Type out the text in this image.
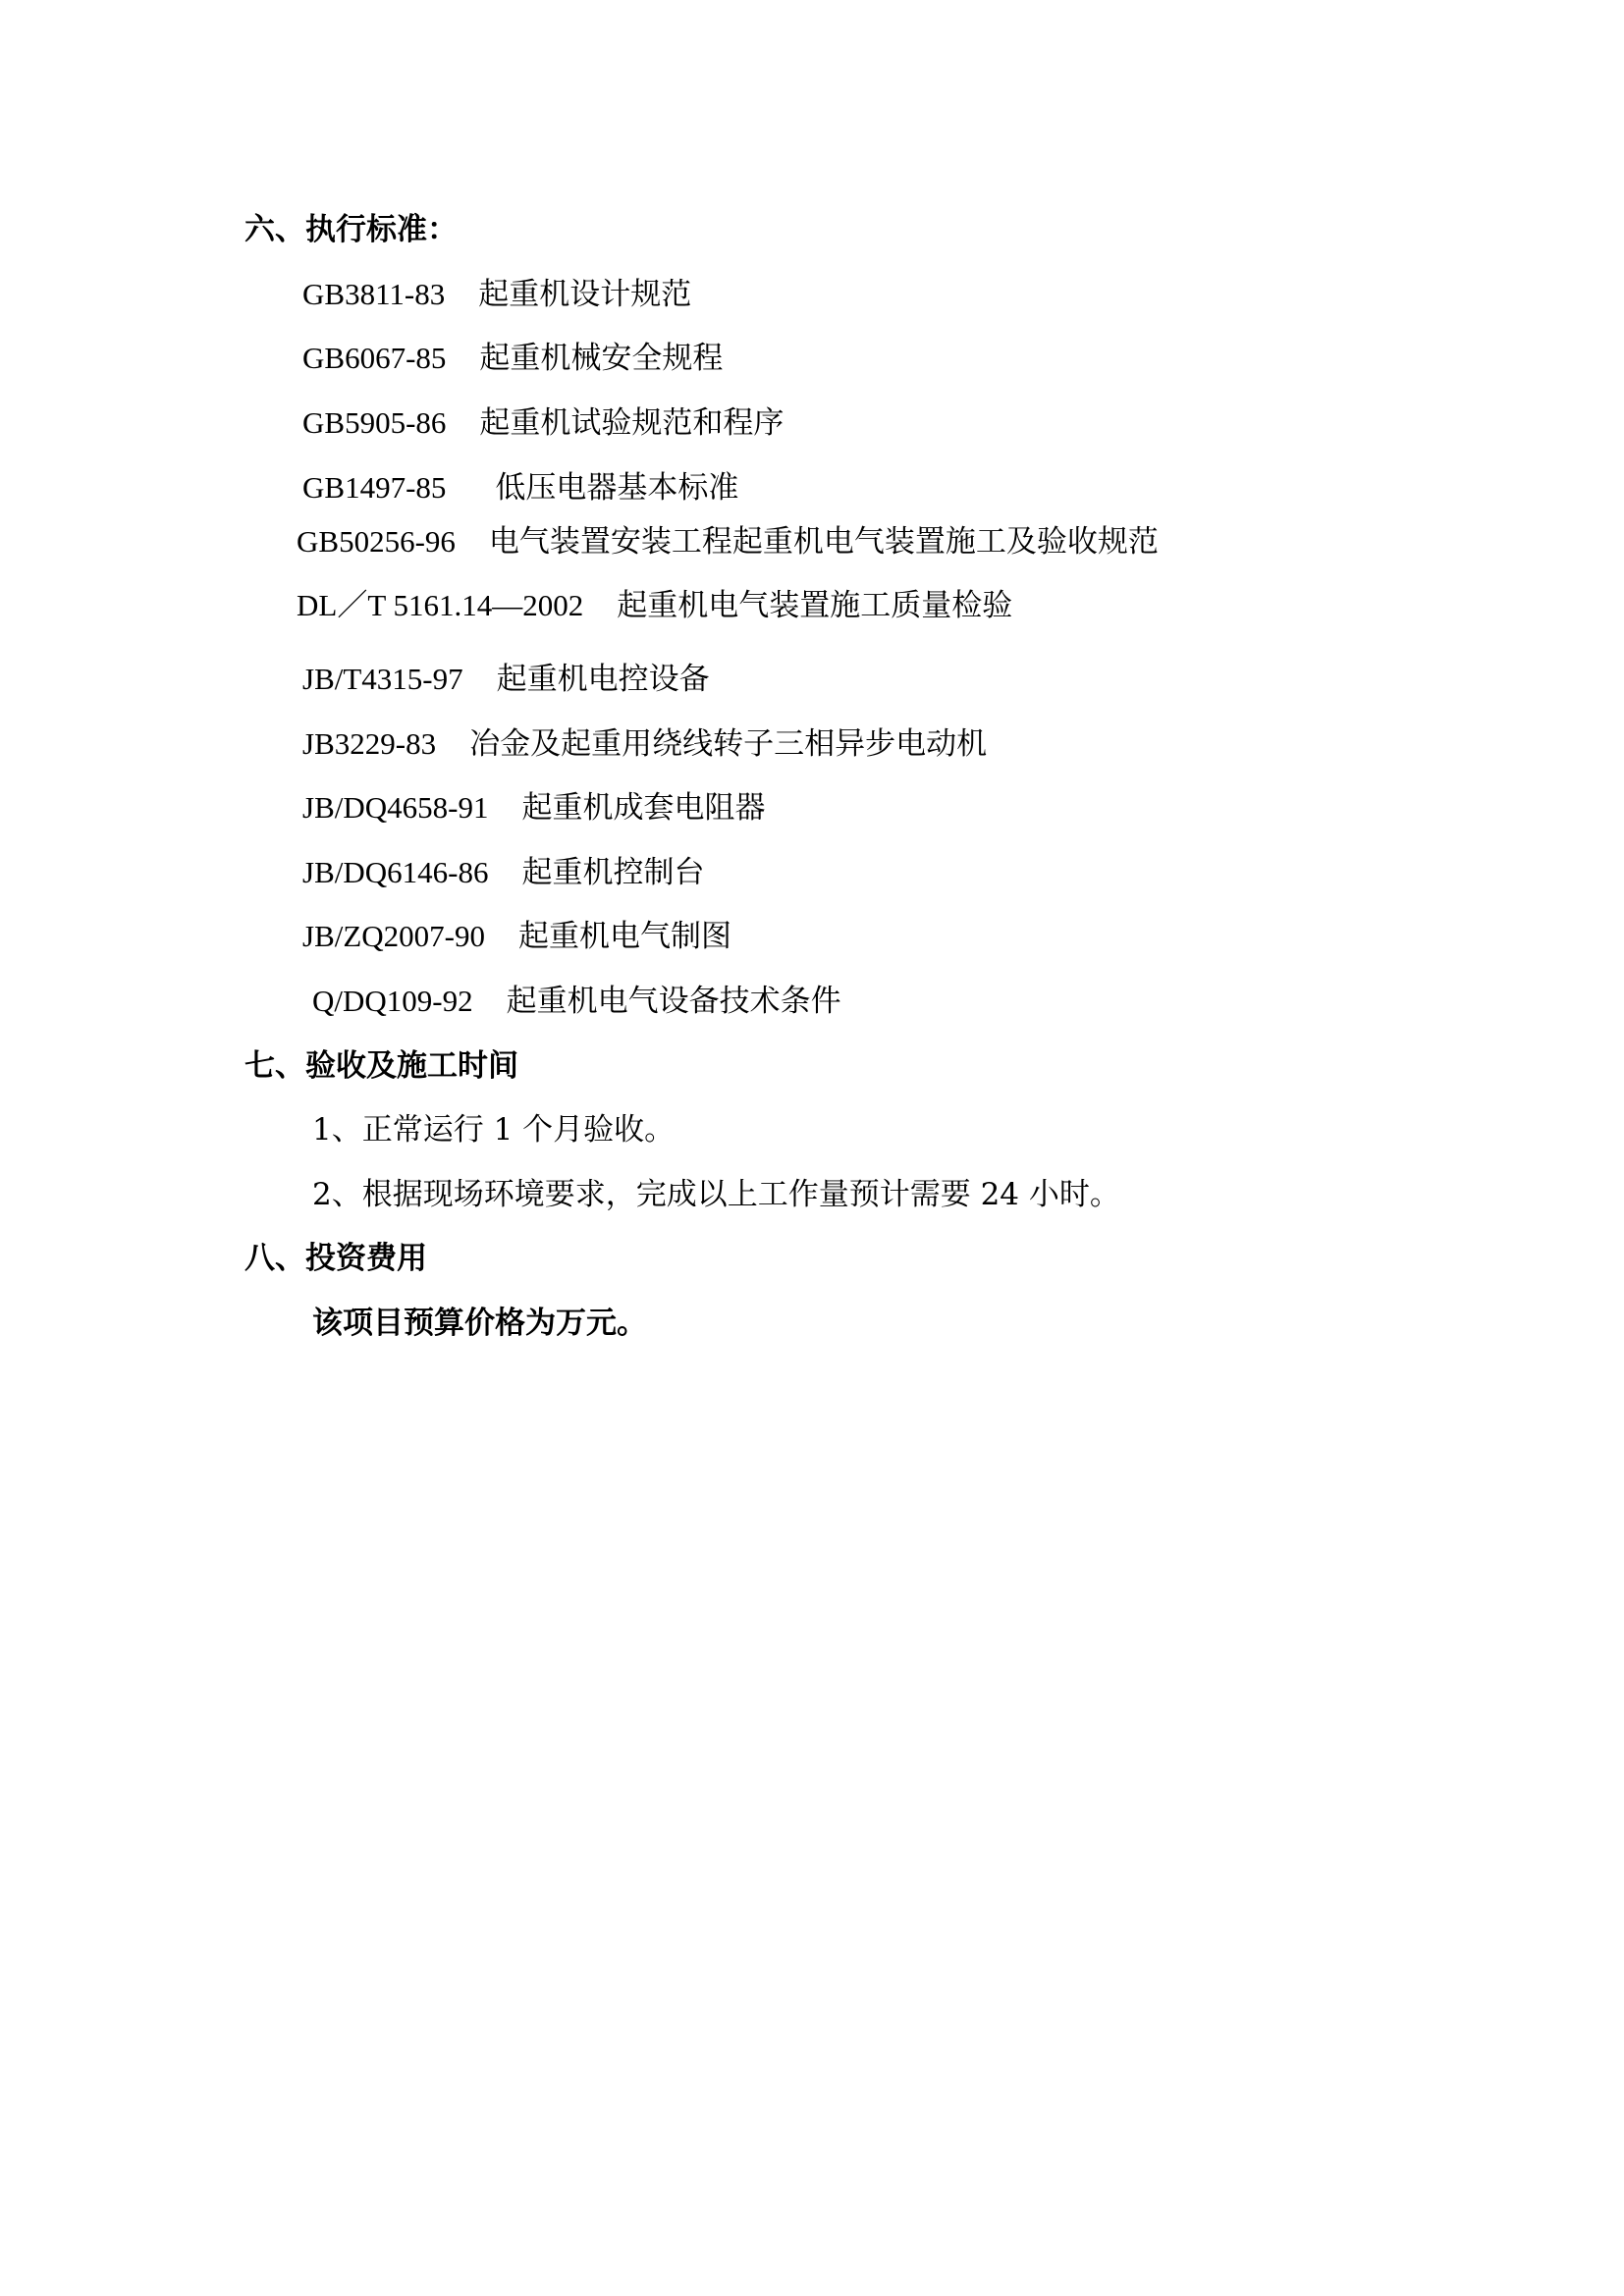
六、执行标准：
GB3811-83 起重机设计规范
GB6067-85 起重机械安全规程
GB5905-86 起重机试验规范和程序
GB1497-85 低压电器基本标准
GB50256-96 电气装置安装工程起重机电气装置施工及验收规范
DL／T 5161.14—2002 起重机电气装置施工质量检验
JB/T4315-97 起重机电控设备
JB3229-83 冶金及起重用绕线转子三相异步电动机
JB/DQ4658-91 起重机成套电阻器
JB/DQ6146-86 起重机控制台
JB/ZQ2007-90 起重机电气制图
Q/DQ109-92 起重机电气设备技术条件
七、验收及施工时间
1、正常运行 1 个月验收。
2、根据现场环境要求，完成以上工作量预计需要 24 小时。
八、投资费用
该项目预算价格为万元。
